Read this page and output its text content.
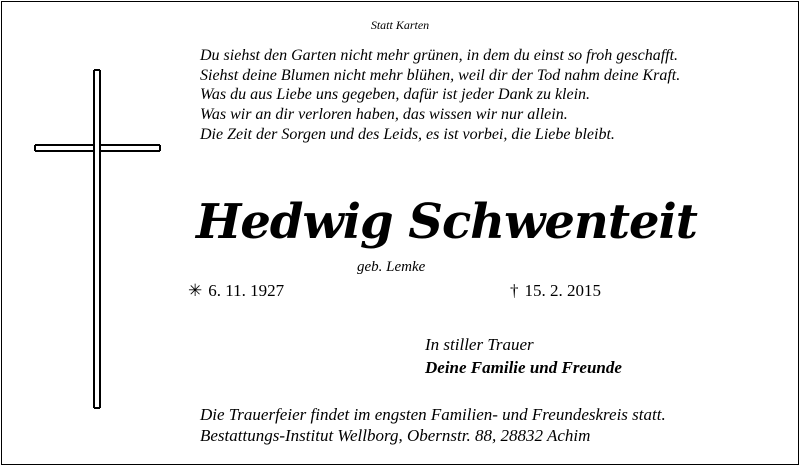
Statt Karten
Du siehst den Garten nicht mehr grünen, in dem du einst so froh geschafft.
Siehst deine Blumen nicht mehr blühen, weil dir der Tod nahm deine Kraft.
Was du aus Liebe uns gegeben, dafür ist jeder Dank zu klein.
Was wir an dir verloren haben, das wissen wir nur allein.
Die Zeit der Sorgen und des Leids, es ist vorbei, die Liebe bleibt.
Hedwig Schwenteit
geb. Lemke
✳ 6. 11. 1927	† 15. 2. 2015
In stiller Trauer
Deine Familie und Freunde
Die Trauerfeier findet im engsten Familien- und Freundeskreis statt.
Bestattungs-Institut Wellborg, Obernstr. 88, 28832 Achim
